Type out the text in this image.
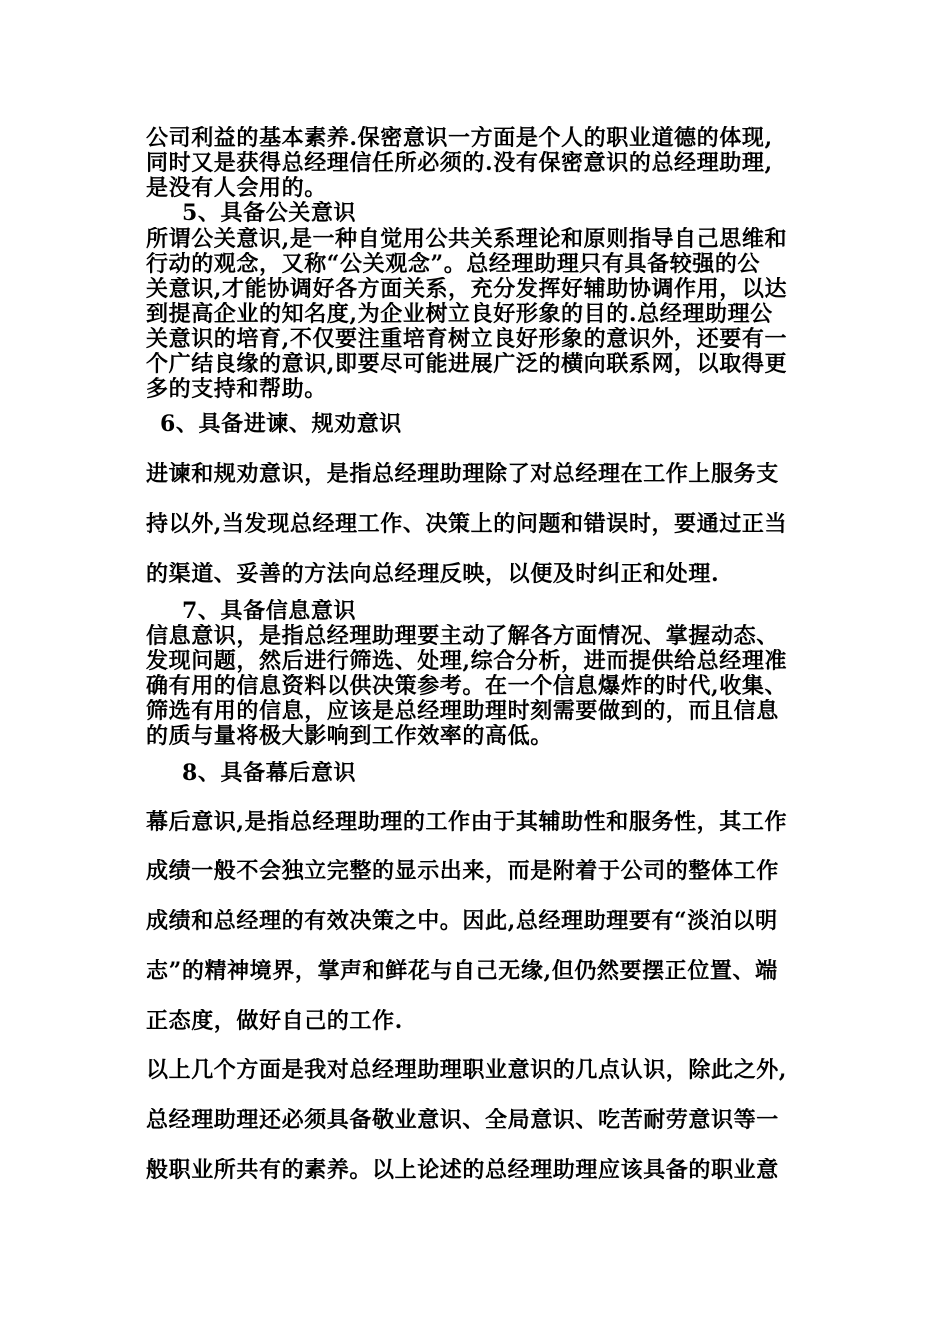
公司利益的基本素养.保密意识一方面是个人的职业道德的体现,
同时又是获得总经理信任所必须的.没有保密意识的总经理助理,
是没有人会用的。
5、具备公关意识
所谓公关意识,是一种自觉用公共关系理论和原则指导自己思维和
行动的观念，又称“公关观念”。总经理助理只有具备较强的公
关意识,才能协调好各方面关系，充分发挥好辅助协调作用，以达
到提高企业的知名度,为企业树立良好形象的目的.总经理助理公
关意识的培育,不仅要注重培育树立良好形象的意识外，还要有一
个广结良缘的意识,即要尽可能进展广泛的横向联系网，以取得更
多的支持和帮助。
6、具备进谏、规劝意识
进谏和规劝意识，是指总经理助理除了对总经理在工作上服务支
持以外,当发现总经理工作、决策上的问题和错误时，要通过正当
的渠道、妥善的方法向总经理反映，以便及时纠正和处理.
7、具备信息意识
信息意识，是指总经理助理要主动了解各方面情况、掌握动态、
发现问题，然后进行筛选、处理,综合分析，进而提供给总经理准
确有用的信息资料以供决策参考。在一个信息爆炸的时代,收集、
筛选有用的信息，应该是总经理助理时刻需要做到的，而且信息
的质与量将极大影响到工作效率的高低。
8、具备幕后意识
幕后意识,是指总经理助理的工作由于其辅助性和服务性，其工作
成绩一般不会独立完整的显示出来，而是附着于公司的整体工作
成绩和总经理的有效决策之中。因此,总经理助理要有“淡泊以明
志”的精神境界，掌声和鲜花与自己无缘,但仍然要摆正位置、端
正态度，做好自己的工作.
以上几个方面是我对总经理助理职业意识的几点认识，除此之外,
总经理助理还必须具备敬业意识、全局意识、吃苦耐劳意识等一
般职业所共有的素养。以上论述的总经理助理应该具备的职业意
